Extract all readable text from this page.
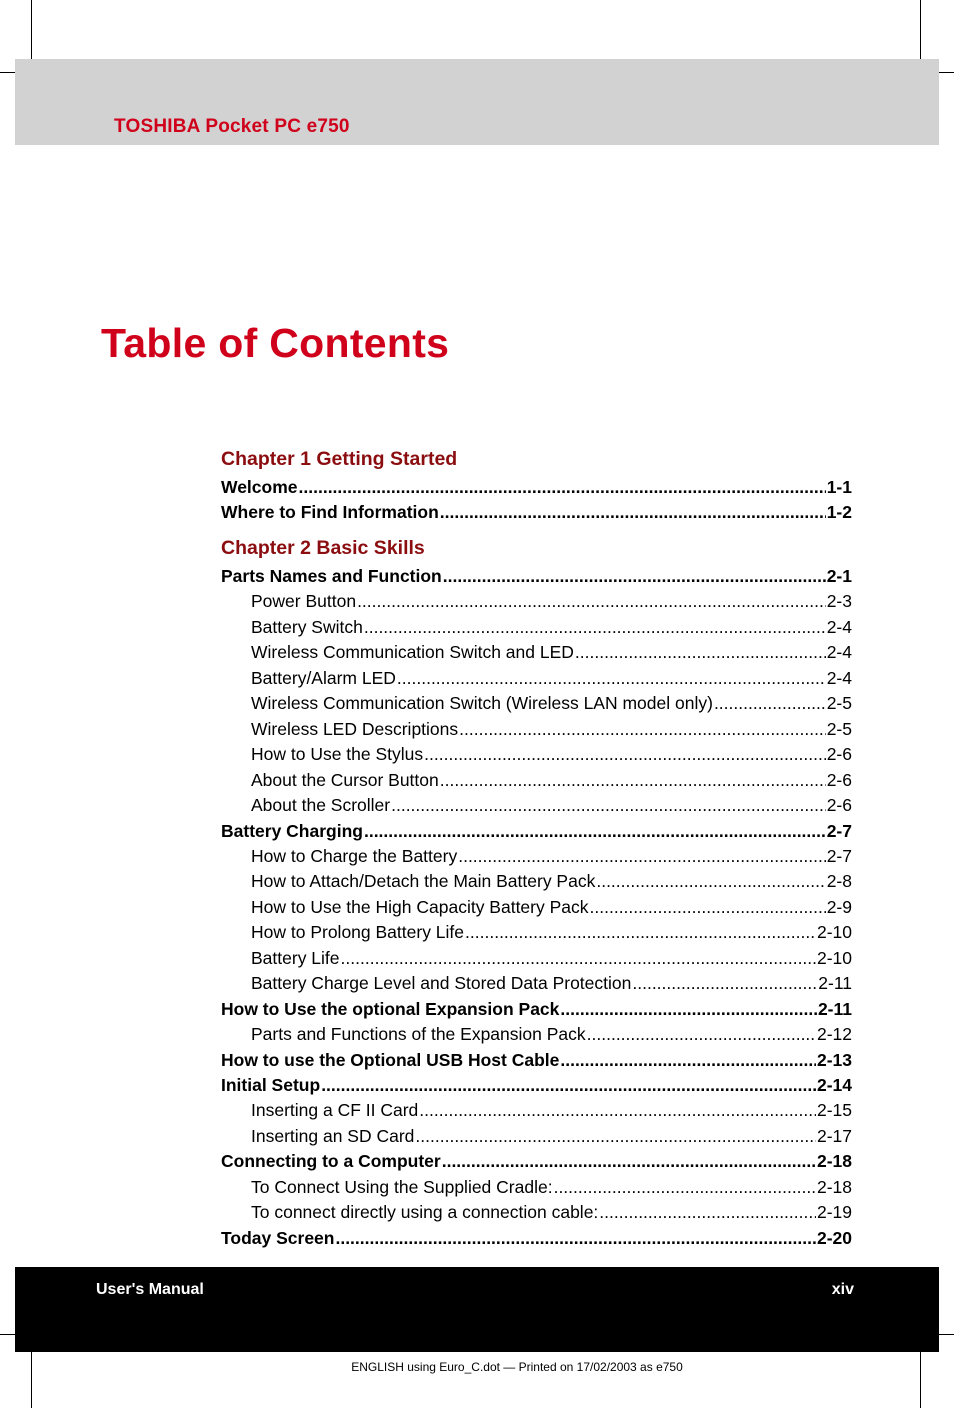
TOSHIBA Pocket PC e750
Table of Contents
Chapter 1 Getting Started
Welcome .....	1-1
Where to Find Information .....	1-2
Chapter 2 Basic Skills
Parts Names and Function .....	2-1
Power Button .....	2-3
Battery Switch .....	2-4
Wireless Communication Switch and LED .....	2-4
Battery/Alarm LED .....	2-4
Wireless Communication Switch (Wireless LAN model only) .....	2-5
Wireless LED Descriptions .....	2-5
How to Use the Stylus .....	2-6
About the Cursor Button .....	2-6
About the Scroller .....	2-6
Battery Charging .....	2-7
How to Charge the Battery .....	2-7
How to Attach/Detach the Main Battery Pack .....	2-8
How to Use the High Capacity Battery Pack .....	2-9
How to Prolong Battery Life .....	2-10
Battery Life .....	2-10
Battery Charge Level and Stored Data Protection .....	2-11
How to Use the optional Expansion Pack .....	2-11
Parts and Functions of the Expansion Pack .....	2-12
How to use the Optional USB Host Cable .....	2-13
Initial Setup .....	2-14
Inserting a CF II Card .....	2-15
Inserting an SD Card .....	2-17
Connecting to a Computer .....	2-18
To Connect Using the Supplied Cradle: .....	2-18
To connect directly using a connection cable: .....	2-19
Today Screen .....	2-20
User's Manual	xiv
ENGLISH using Euro_C.dot — Printed on 17/02/2003 as e750
